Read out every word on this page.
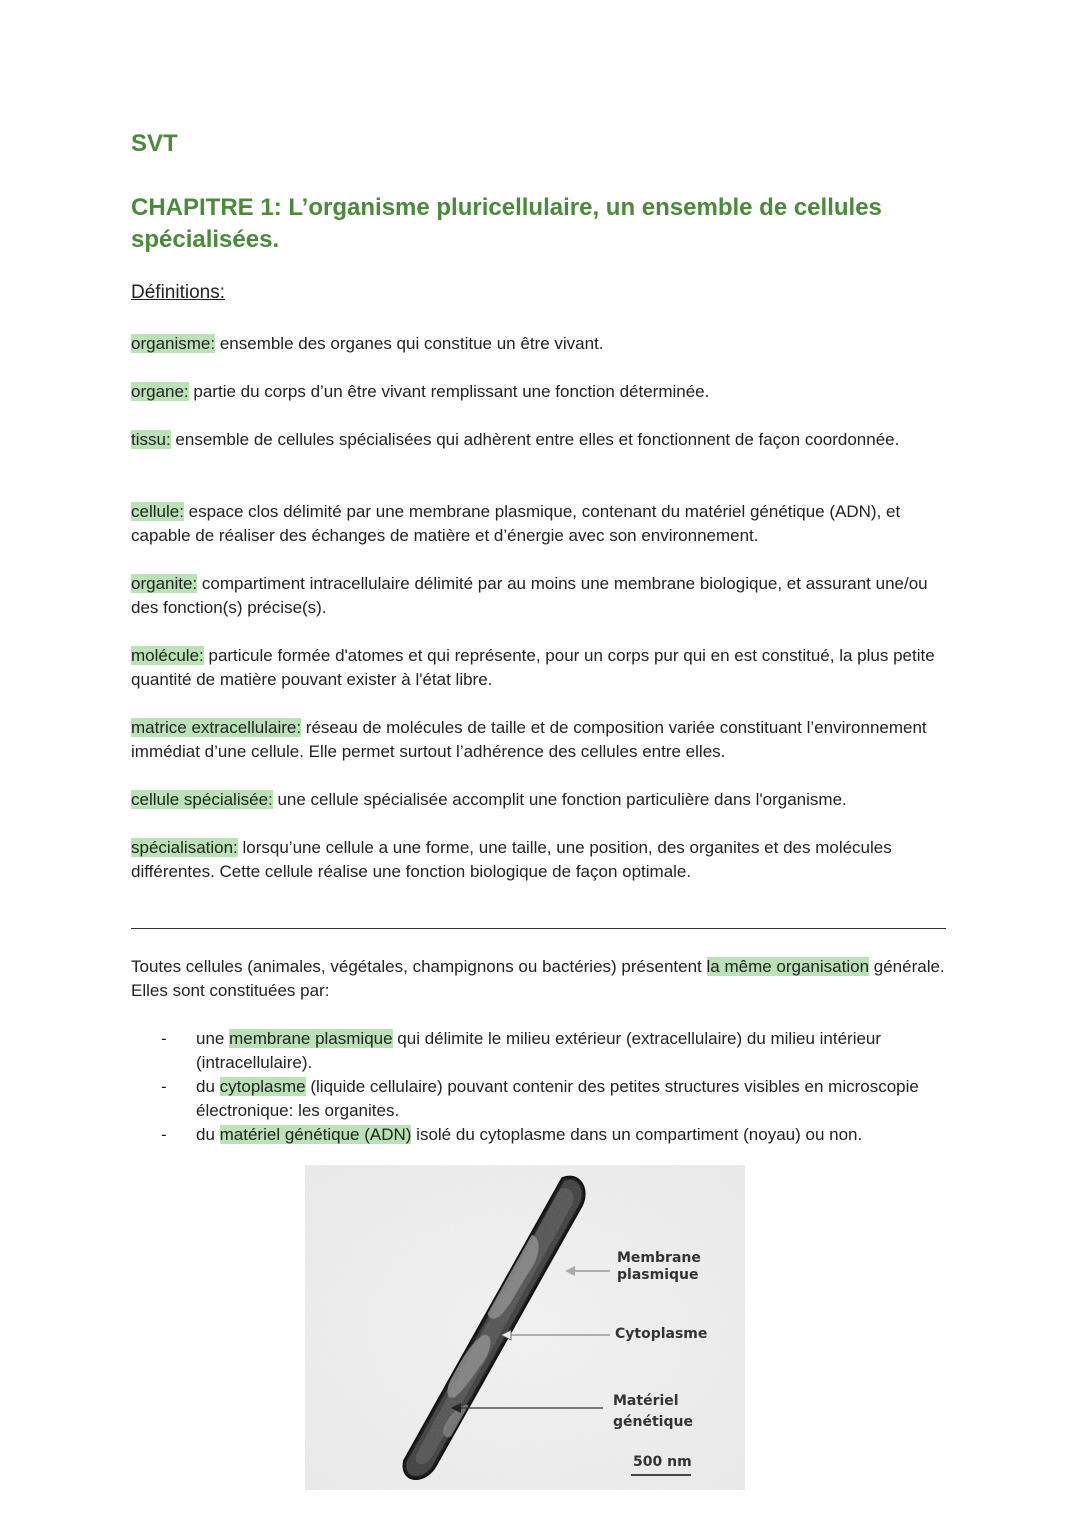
SVT
CHAPITRE 1: L’organisme pluricellulaire, un ensemble de cellules spécialisées.
Définitions:
organisme: ensemble des organes qui constitue un être vivant.
organe: partie du corps d’un être vivant remplissant une fonction déterminée.
tissu: ensemble de cellules spécialisées qui adhèrent entre elles et fonctionnent de façon coordonnée.
cellule: espace clos délimité par une membrane plasmique, contenant du matériel génétique (ADN), et capable de réaliser des échanges de matière et d’énergie avec son environnement.
organite: compartiment intracellulaire délimité par au moins une membrane biologique, et assurant une/ou des fonction(s) précise(s).
molécule: particule formée d'atomes et qui représente, pour un corps pur qui en est constitué, la plus petite quantité de matière pouvant exister à l'état libre.
matrice extracellulaire: réseau de molécules de taille et de composition variée constituant l’environnement immédiat d’une cellule. Elle permet surtout l’adhérence des cellules entre elles.
cellule spécialisée: une cellule spécialisée accomplit une fonction particulière dans l'organisme.
spécialisation: lorsqu’une cellule a une forme, une taille, une position, des organites et des molécules différentes. Cette cellule réalise une fonction biologique de façon optimale.
Toutes cellules (animales, végétales, champignons ou bactéries) présentent la même organisation générale. Elles sont constituées par:
- une membrane plasmique qui délimite le milieu extérieur (extracellulaire) du milieu intérieur (intracellulaire).
- du cytoplasme (liquide cellulaire) pouvant contenir des petites structures visibles en microscopie électronique: les organites.
- du matériel génétique (ADN) isolé du cytoplasme dans un compartiment (noyau) ou non.
Membrane
plasmique
Cytoplasme
Matériel
génétique
500 nm
